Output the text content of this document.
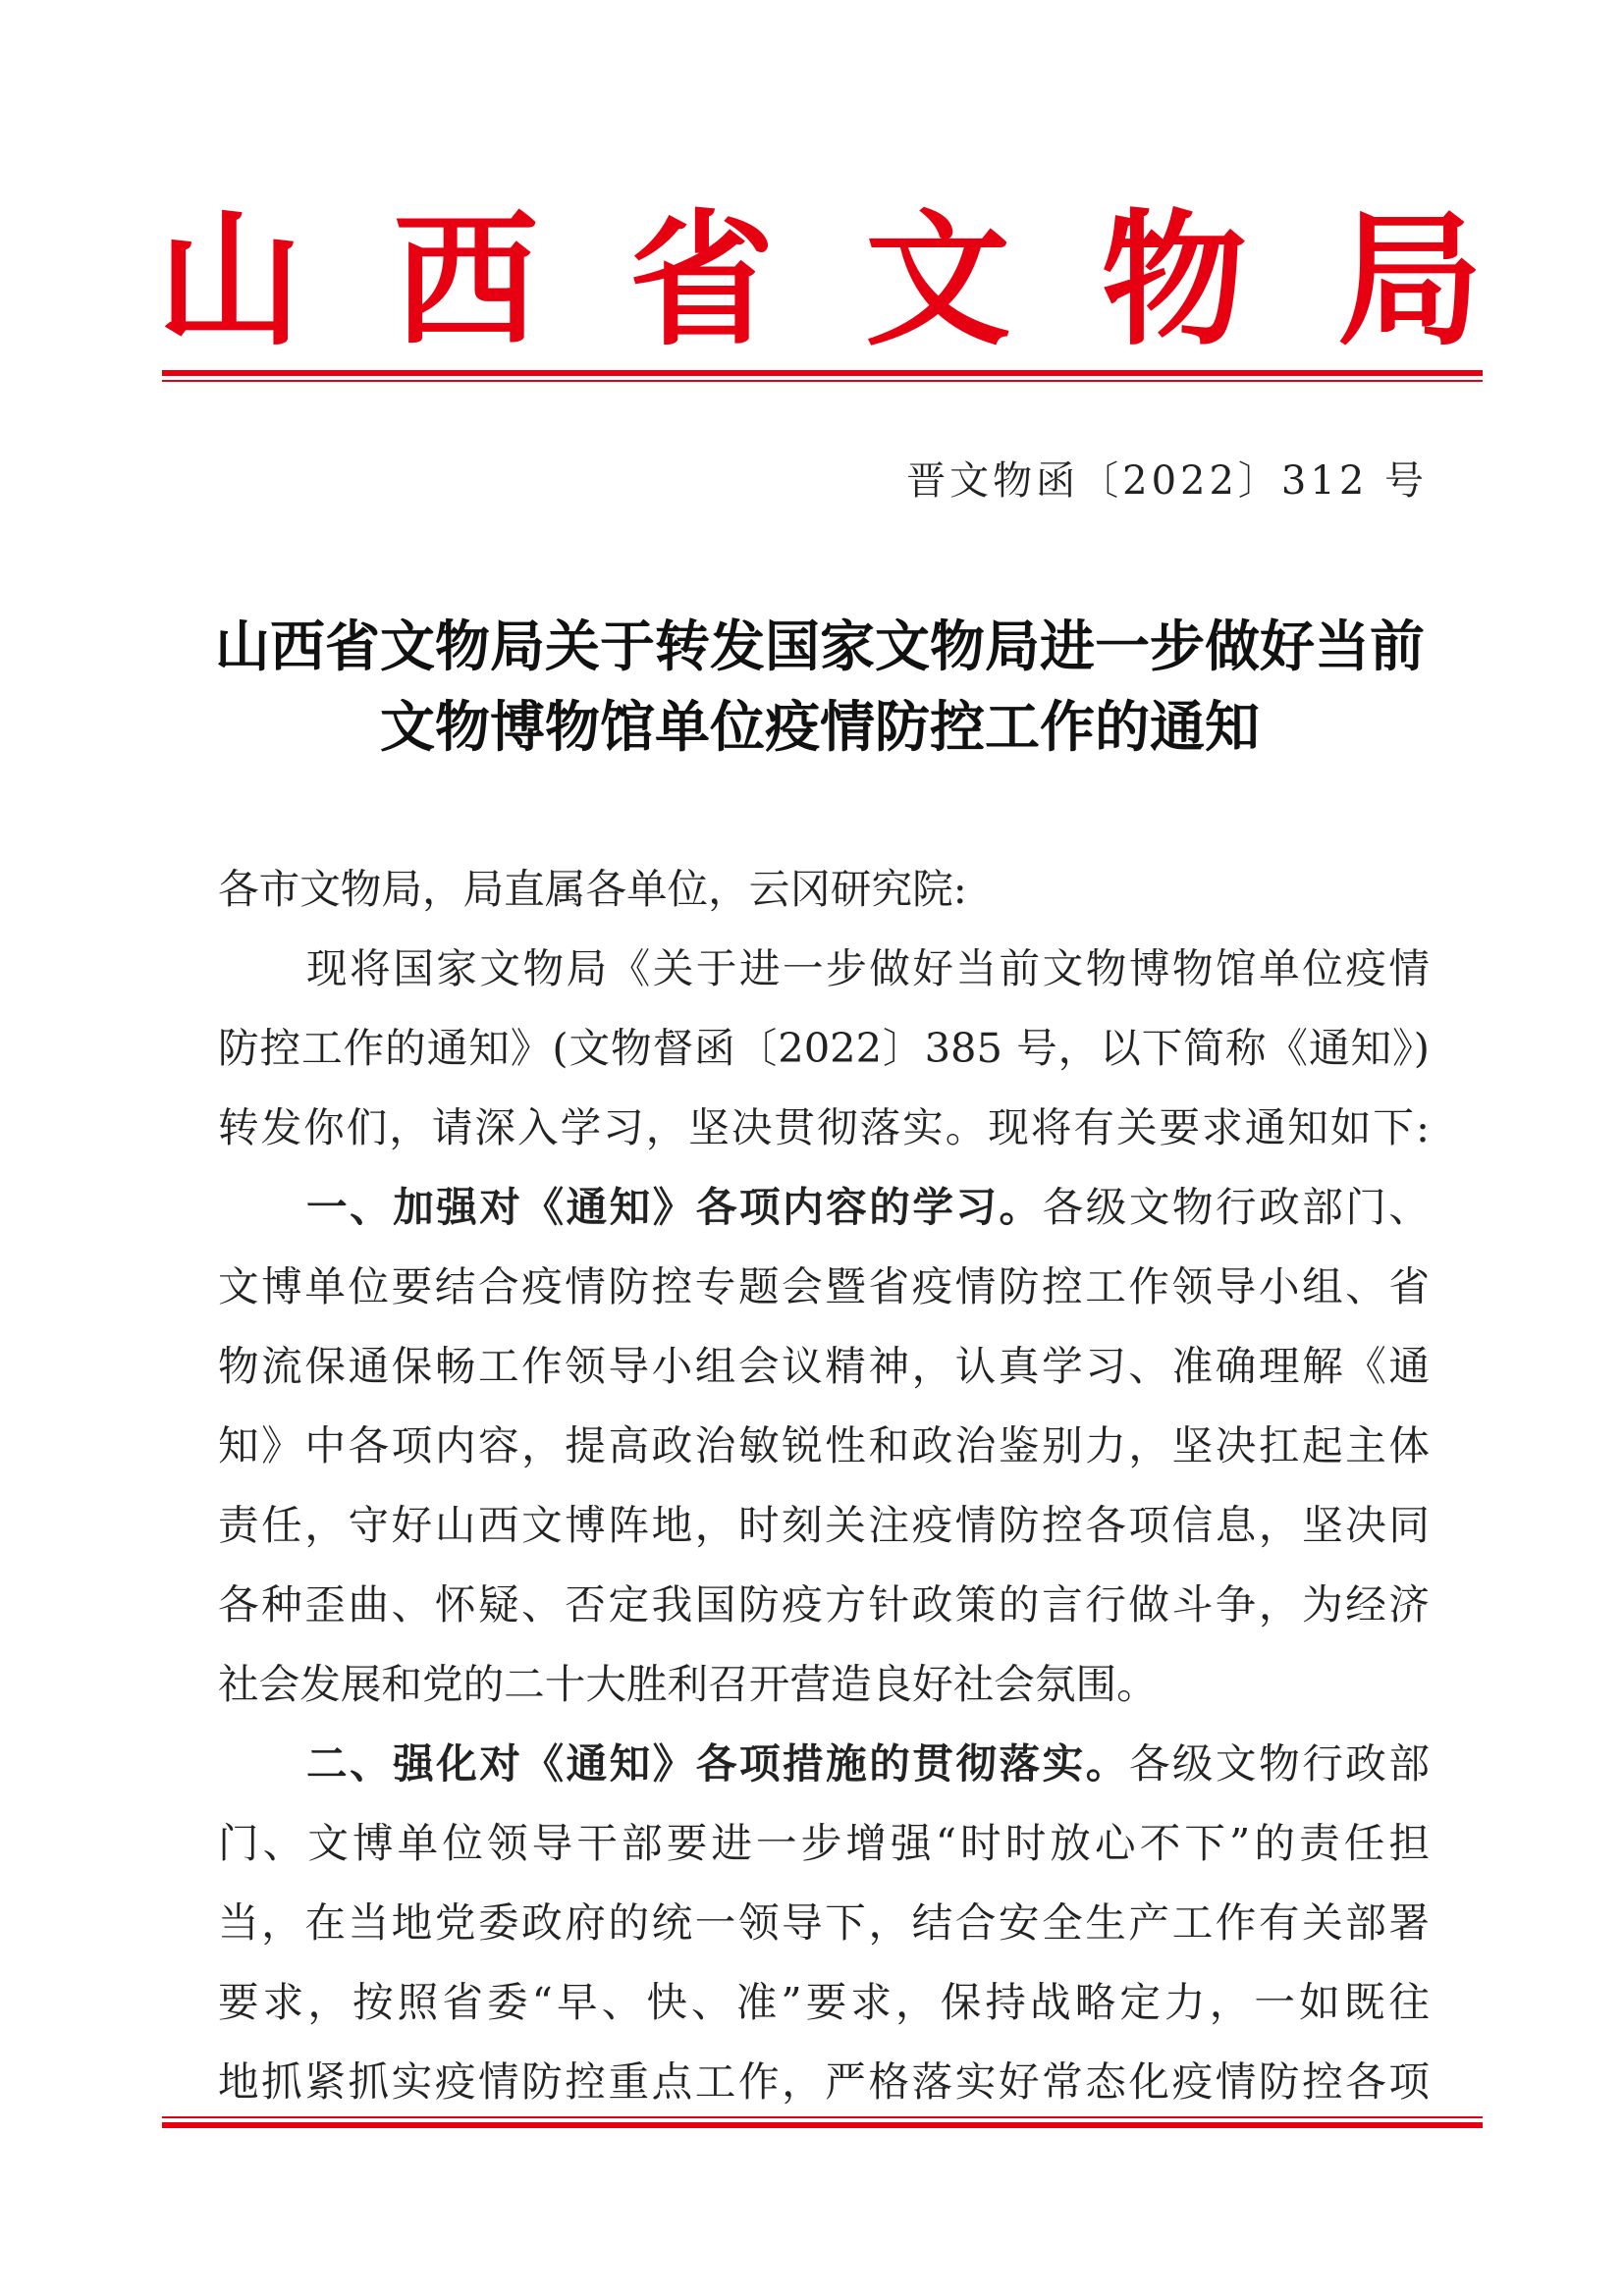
山 西 省 文 物 局
晋文物函〔2022〕312 号
山西省文物局关于转发国家文物局进一步做好当前
文物博物馆单位疫情防控工作的通知
各市文物局，局直属各单位，云冈研究院:
现将国家文物局《关于进一步做好当前文物博物馆单位疫情
防控工作的通知》(文物督函〔2022〕385 号，以下简称《通知》)
转发你们，请深入学习，坚决贯彻落实。现将有关要求通知如下:
一、加强对《通知》各项内容的学习。各级文物行政部门、
文博单位要结合疫情防控专题会暨省疫情防控工作领导小组、省
物流保通保畅工作领导小组会议精神，认真学习、准确理解《通
知》中各项内容，提高政治敏锐性和政治鉴别力，坚决扛起主体
责任，守好山西文博阵地，时刻关注疫情防控各项信息，坚决同
各种歪曲、怀疑、否定我国防疫方针政策的言行做斗争，为经济
社会发展和党的二十大胜利召开营造良好社会氛围。
二、强化对《通知》各项措施的贯彻落实。各级文物行政部
门、文博单位领导干部要进一步增强“时时放心不下”的责任担
当，在当地党委政府的统一领导下，结合安全生产工作有关部署
要求，按照省委“早、快、准”要求，保持战略定力，一如既往
地抓紧抓实疫情防控重点工作，严格落实好常态化疫情防控各项
